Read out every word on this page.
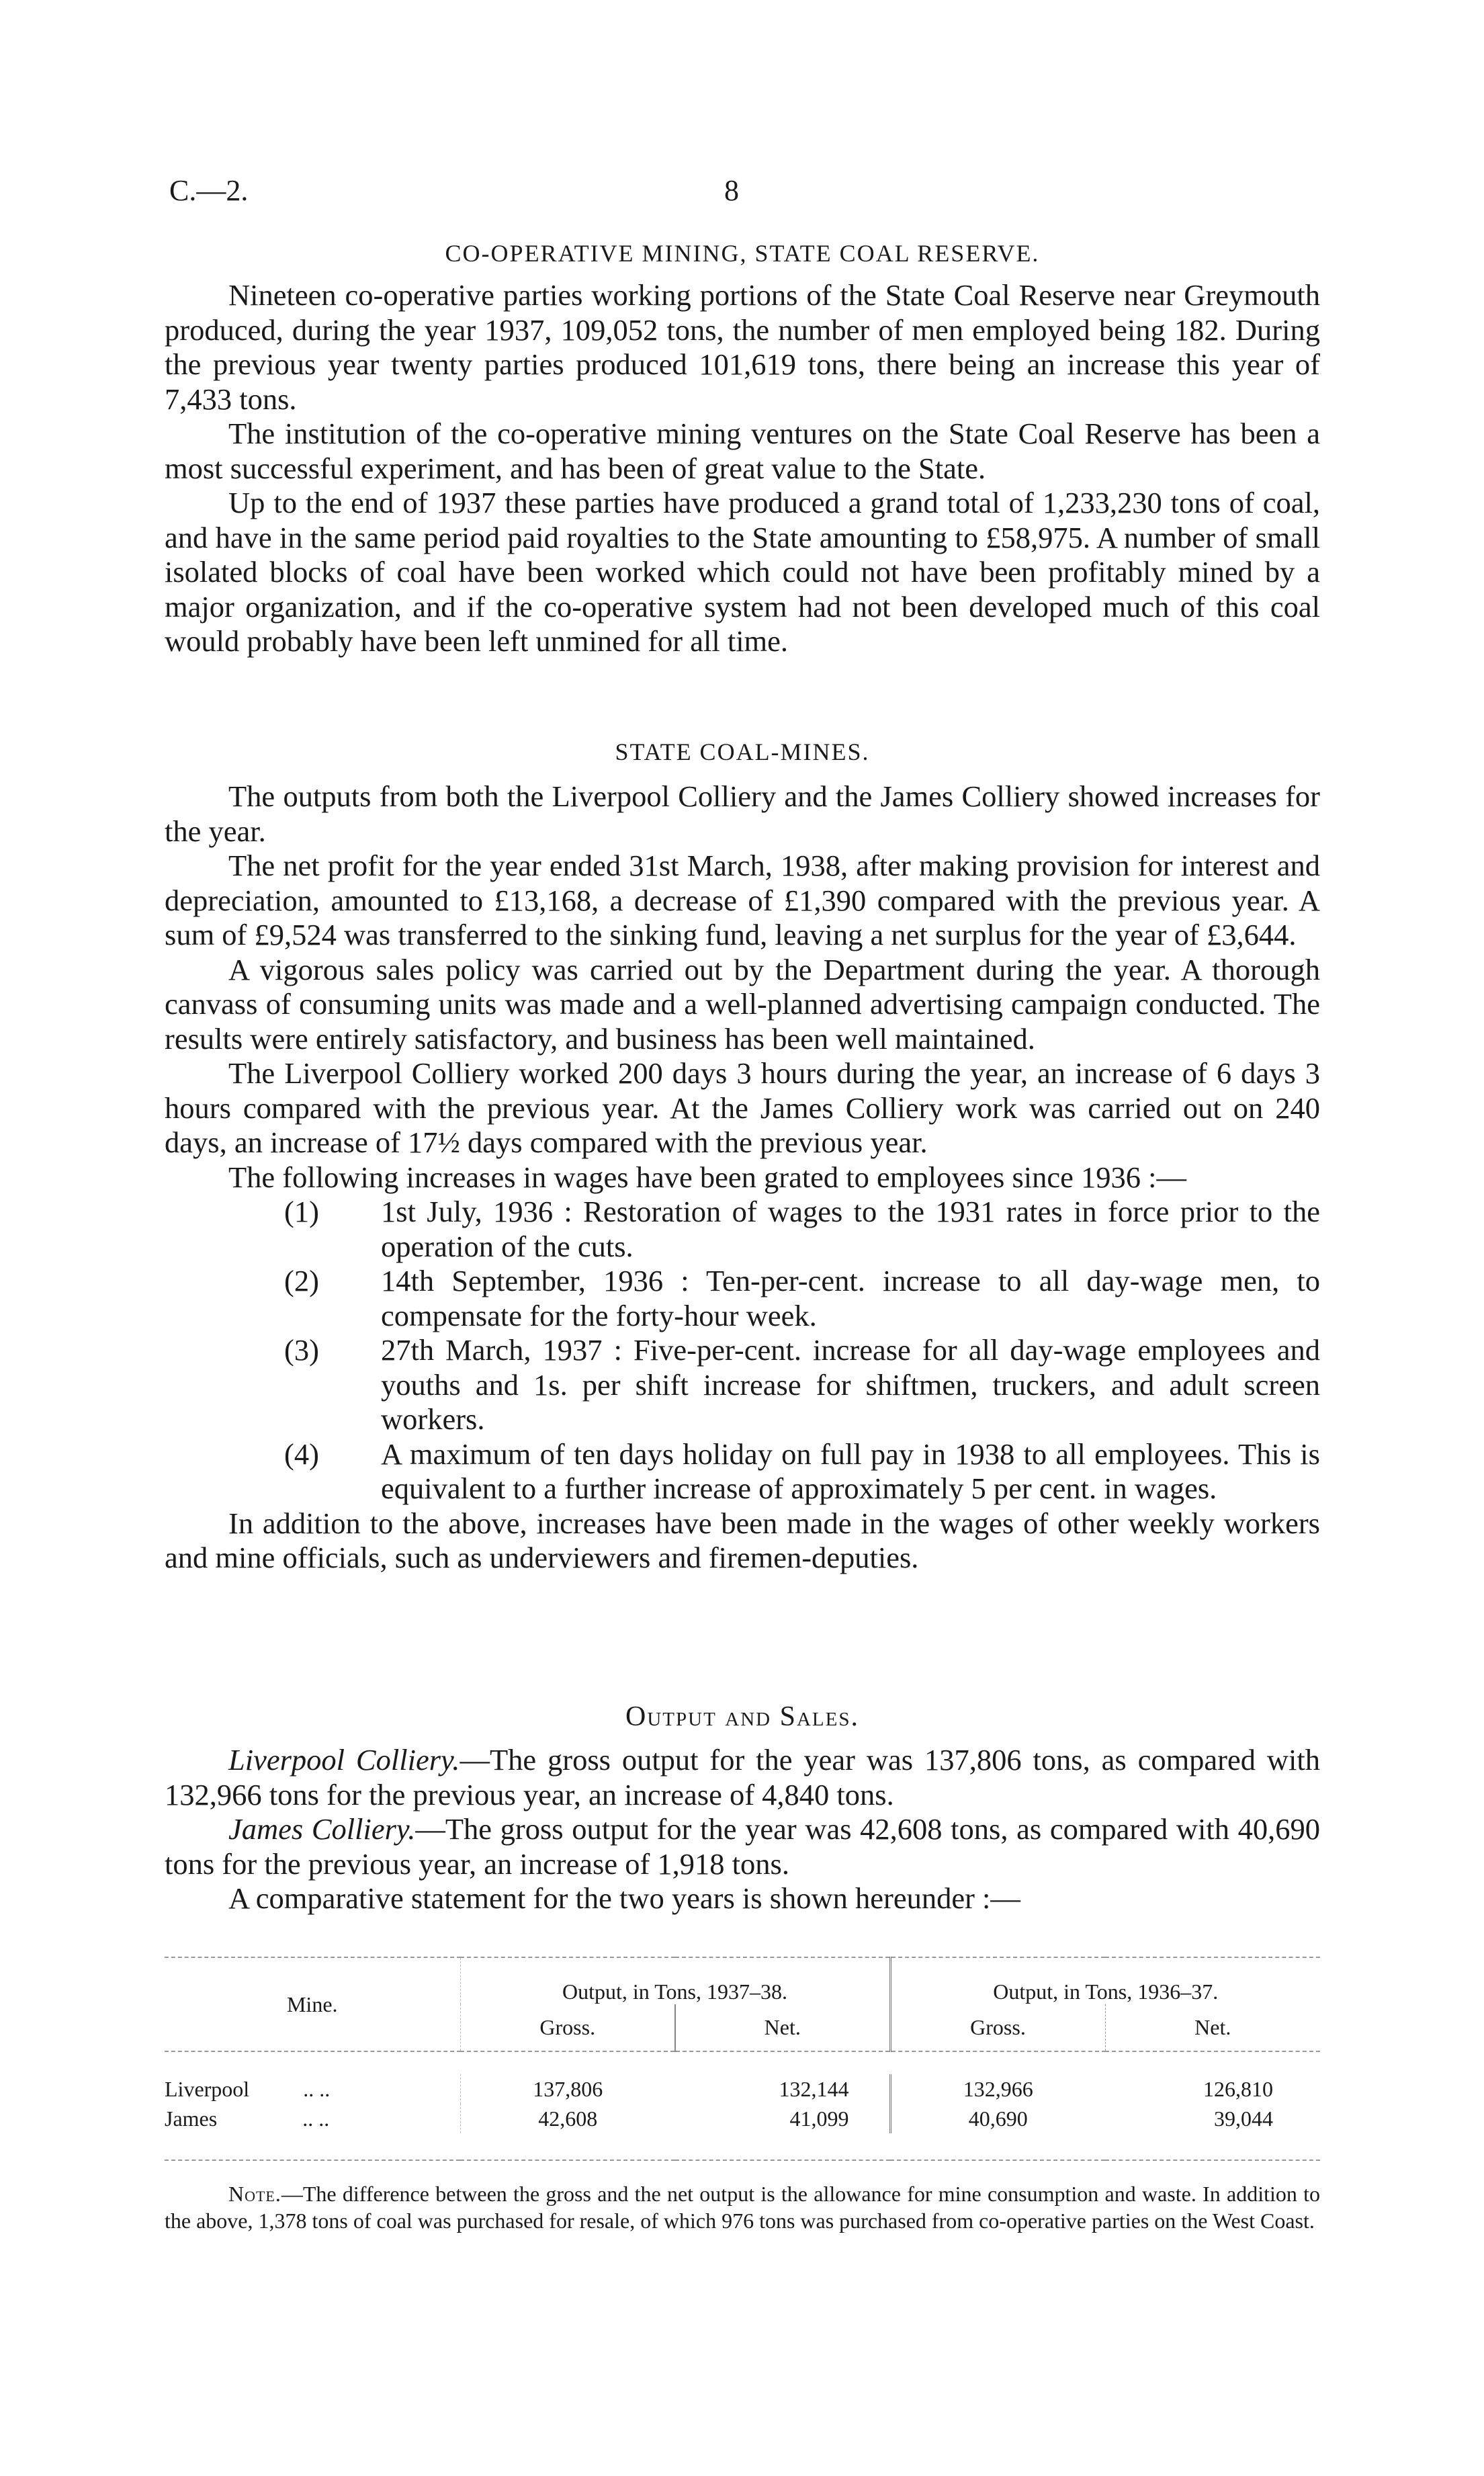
C.—2.	8

CO-OPERATIVE MINING, STATE COAL RESERVE.

Nineteen co-operative parties working portions of the State Coal Reserve near Greymouth produced, during the year 1937, 109,052 tons, the number of men employed being 182. During the previous year twenty parties produced 101,619 tons, there being an increase this year of 7,433 tons.

The institution of the co-operative mining ventures on the State Coal Reserve has been a most successful experiment, and has been of great value to the State.

Up to the end of 1937 these parties have produced a grand total of 1,233,230 tons of coal, and have in the same period paid royalties to the State amounting to £58,975. A number of small isolated blocks of coal have been worked which could not have been profitably mined by a major organization, and if the co-operative system had not been developed much of this coal would probably have been left unmined for all time.

STATE COAL-MINES.

The outputs from both the Liverpool Colliery and the James Colliery showed increases for the year.

The net profit for the year ended 31st March, 1938, after making provision for interest and depreciation, amounted to £13,168, a decrease of £1,390 compared with the previous year. A sum of £9,524 was transferred to the sinking fund, leaving a net surplus for the year of £3,644.

A vigorous sales policy was carried out by the Department during the year. A thorough canvass of consuming units was made and a well-planned advertising campaign conducted. The results were entirely satisfactory, and business has been well maintained.

The Liverpool Colliery worked 200 days 3 hours during the year, an increase of 6 days 3 hours compared with the previous year. At the James Colliery work was carried out on 240 days, an increase of 17½ days compared with the previous year.

The following increases in wages have been grated to employees since 1936 :—

(1) 1st July, 1936 : Restoration of wages to the 1931 rates in force prior to the operation of the cuts.

(2) 14th September, 1936 : Ten-per-cent. increase to all day-wage men, to compensate for the forty-hour week.

(3) 27th March, 1937 : Five-per-cent. increase for all day-wage employees and youths and 1s. per shift increase for shiftmen, truckers, and adult screen workers.

(4) A maximum of ten days holiday on full pay in 1938 to all employees. This is equivalent to a further increase of approximately 5 per cent. in wages.

In addition to the above, increases have been made in the wages of other weekly workers and mine officials, such as underviewers and firemen-deputies.

Output and Sales.

Liverpool Colliery.—The gross output for the year was 137,806 tons, as compared with 132,966 tons for the previous year, an increase of 4,840 tons.

James Colliery.—The gross output for the year was 42,608 tons, as compared with 40,690 tons for the previous year, an increase of 1,918 tons.

A comparative statement for the two years is shown hereunder :—

Mine.	Output, in Tons, 1937–38.		Output, in Tons, 1936–37.	
	Gross.	Net.	Gross.	Net.

Liverpool .. ..	137,806	132,144	132,966	126,810
James .. ..	42,608	41,099	40,690	39,044

Note.—The difference between the gross and the net output is the allowance for mine consumption and waste. In addition to the above, 1,378 tons of coal was purchased for resale, of which 976 tons was purchased from co-operative parties on the West Coast.
